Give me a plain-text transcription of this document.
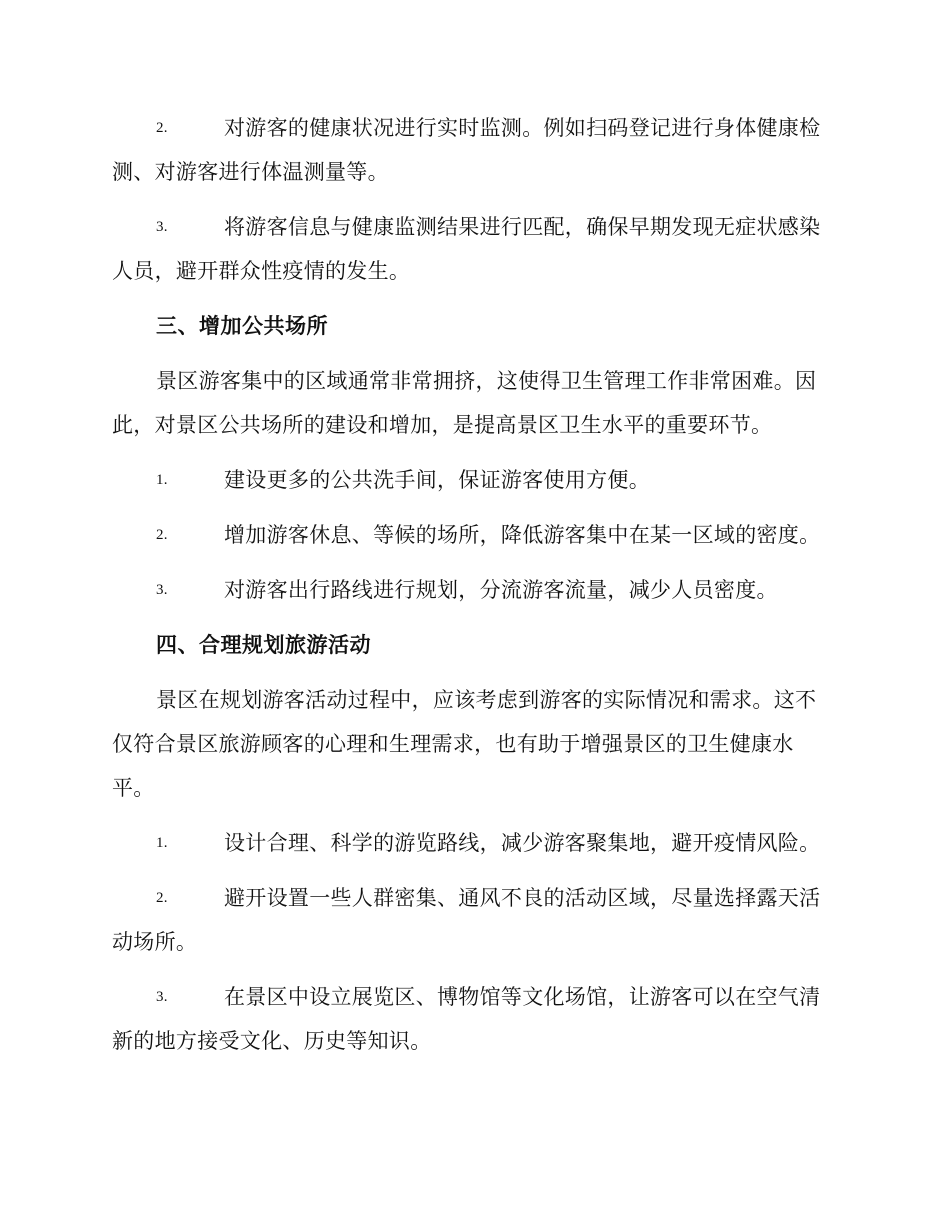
2.	对游客的健康状况进行实时监测。例如扫码登记进行身体健康检测、对游客进行体温测量等。
3.	将游客信息与健康监测结果进行匹配，确保早期发现无症状感染人员，避开群众性疫情的发生。
三、增加公共场所
景区游客集中的区域通常非常拥挤，这使得卫生管理工作非常困难。因此，对景区公共场所的建设和增加，是提高景区卫生水平的重要环节。
1.	建设更多的公共洗手间，保证游客使用方便。
2.	增加游客休息、等候的场所，降低游客集中在某一区域的密度。
3.	对游客出行路线进行规划，分流游客流量，减少人员密度。
四、合理规划旅游活动
景区在规划游客活动过程中，应该考虑到游客的实际情况和需求。这不仅符合景区旅游顾客的心理和生理需求，也有助于增强景区的卫生健康水平。
1.	设计合理、科学的游览路线，减少游客聚集地，避开疫情风险。
2.	避开设置一些人群密集、通风不良的活动区域，尽量选择露天活动场所。
3.	在景区中设立展览区、博物馆等文化场馆，让游客可以在空气清新的地方接受文化、历史等知识。
